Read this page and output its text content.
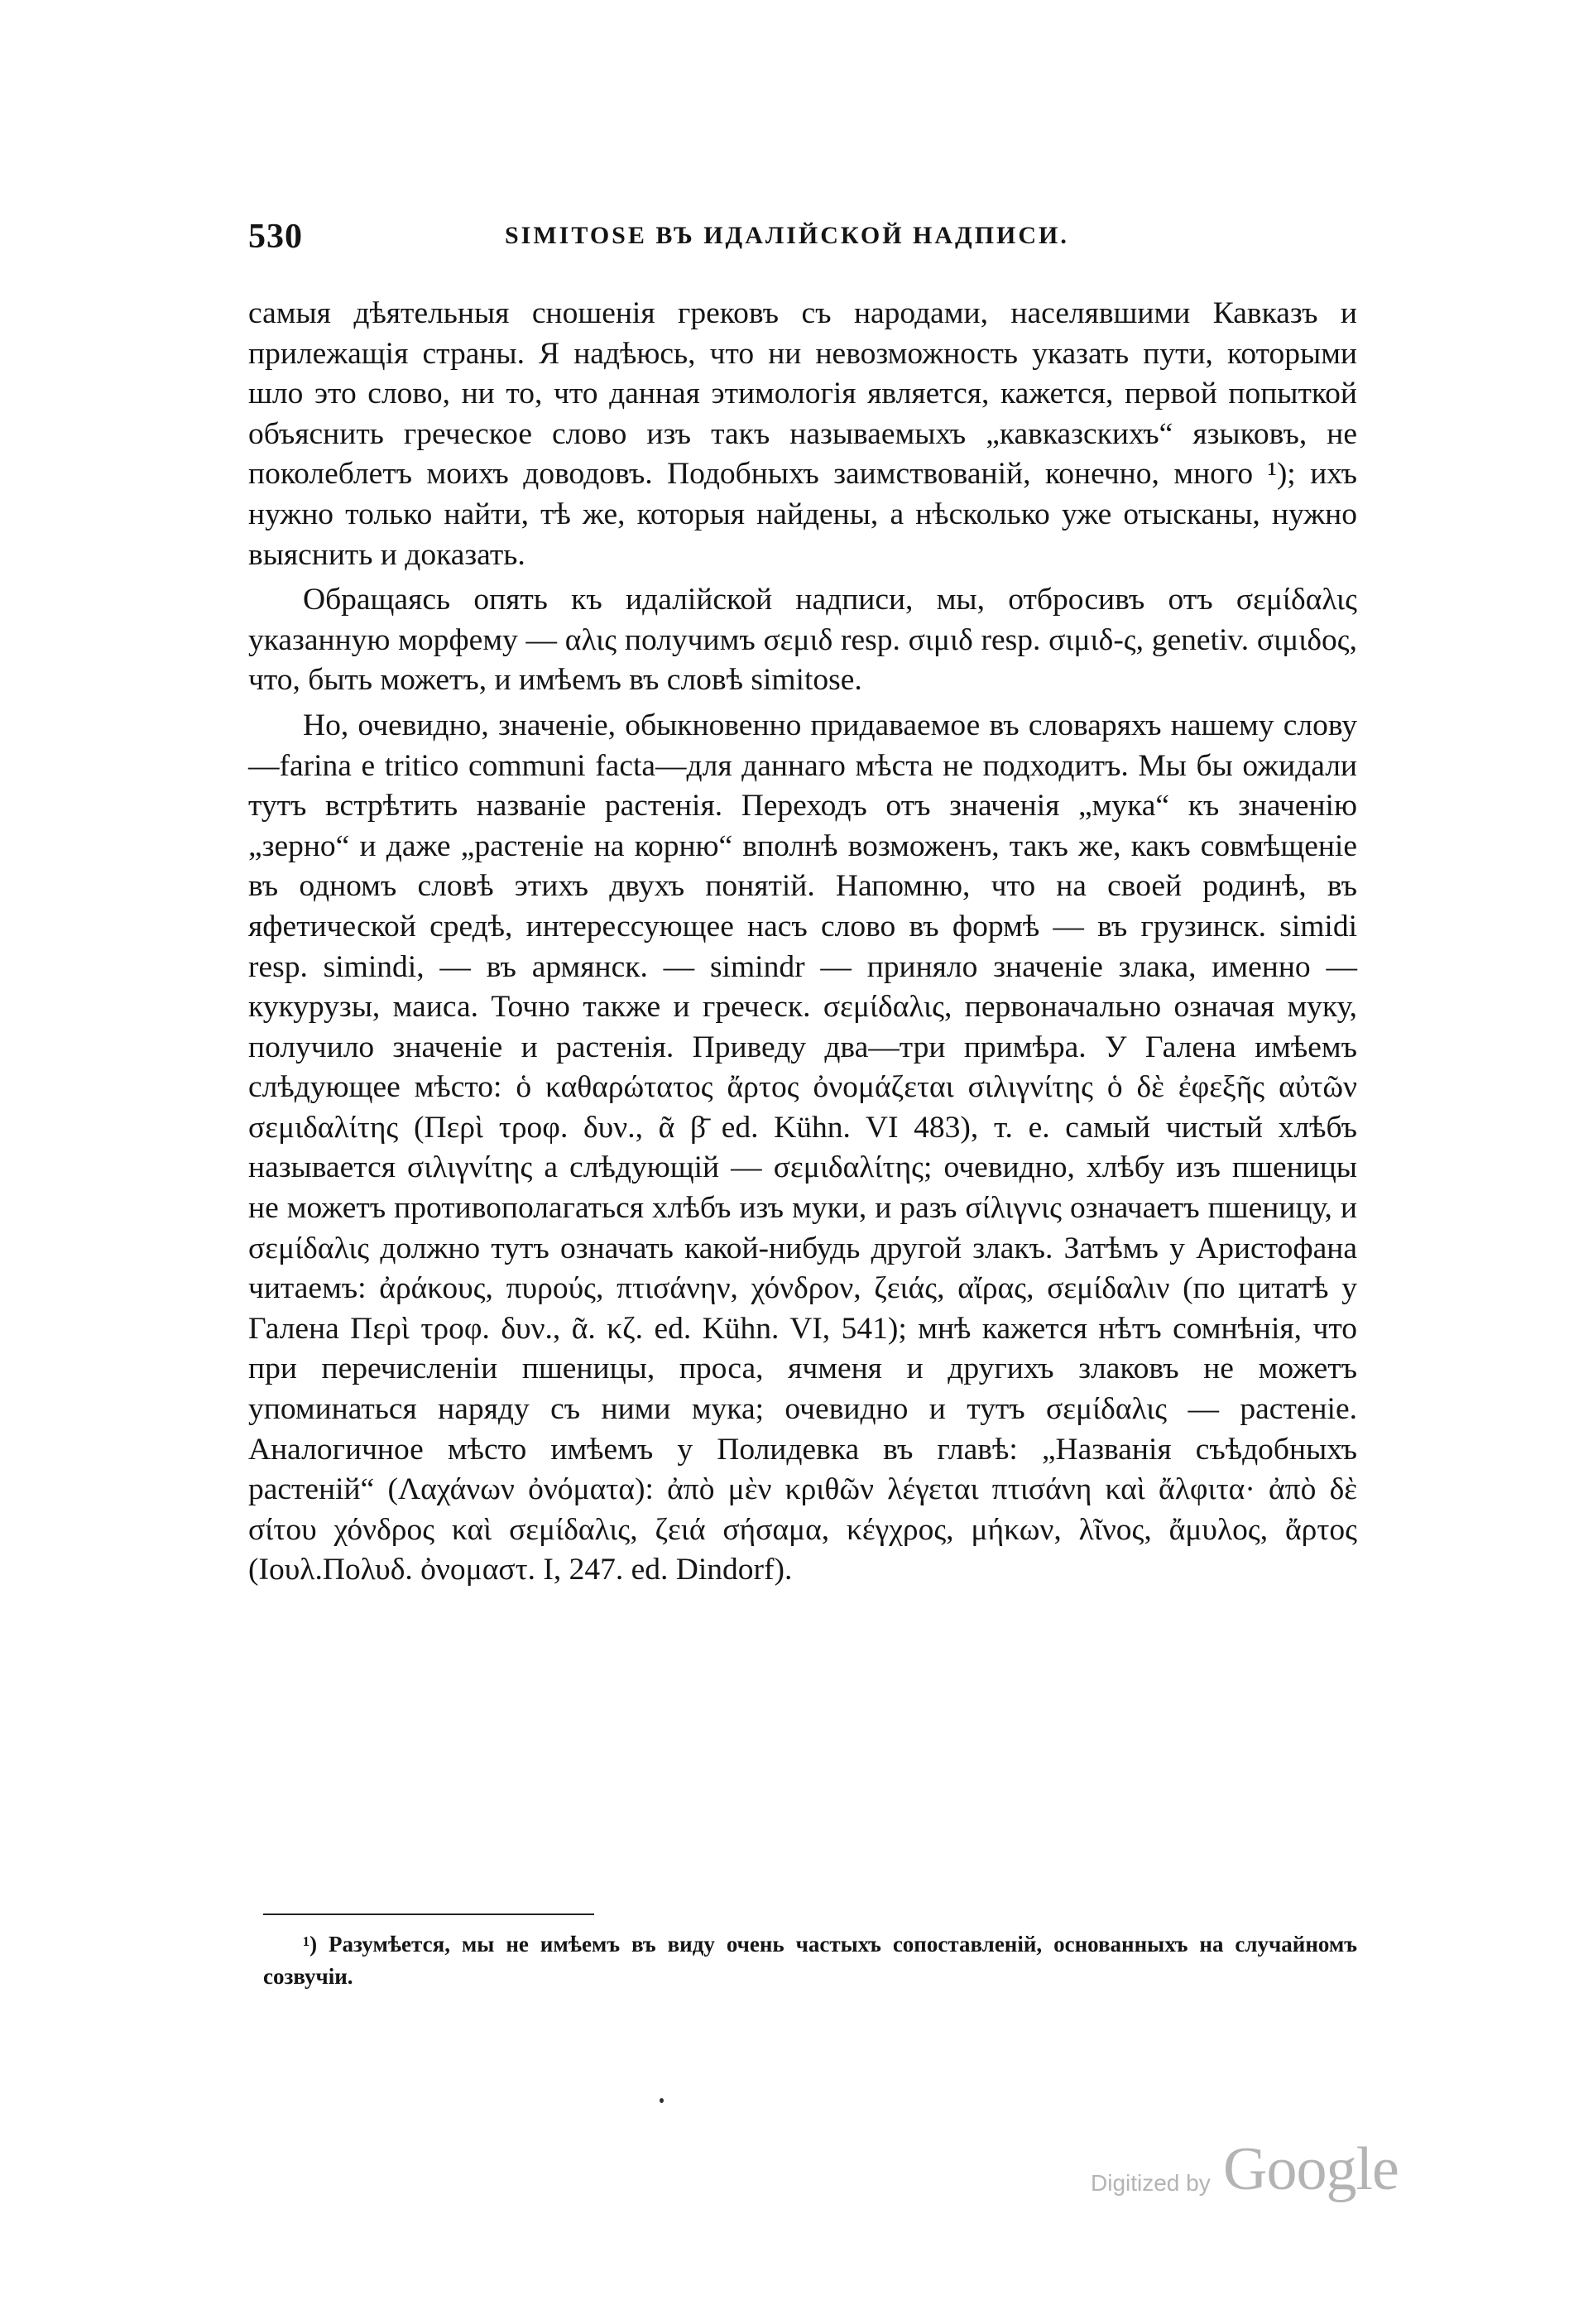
530	SIMITOSE ВЪ ИДАЛІЙСКОЙ НАДПИСИ.

самыя дѣятельныя сношенія грековъ съ народами, населявшими Кавказъ и прилежащія страны. Я надѣюсь, что ни невозможность указать пути, которыми шло это слово, ни то, что данная этимологія является, кажется, первой попыткой объяснить греческое слово изъ такъ называемыхъ „кавказскихъ“ языковъ, не поколеблетъ моихъ доводовъ. Подобныхъ заимствованій, конечно, много ¹); ихъ нужно только найти, тѣ же, которыя найдены, а нѣсколько уже отысканы, нужно выяснить и доказать.

Обращаясь опять къ идалійской надписи, мы, отбросивъ отъ σεμίδαλις указанную морфему — αλις получимъ σεμιδ resp. σιμιδ resp. σιμιδ-ς, genetiv. σιμιδος, что, быть можетъ, и имѣемъ въ словѣ simitose.

Но, очевидно, значеніе, обыкновенно придаваемое въ словаряхъ нашему слову—farina e tritico communi facta—для даннаго мѣста не подходитъ. Мы бы ожидали тутъ встрѣтить названіе растенія. Переходъ отъ значенія „мука“ къ значенію „зерно“ и даже „растеніе на корню“ вполнѣ возможенъ, такъ же, какъ совмѣщеніе въ одномъ словѣ этихъ двухъ понятій. Напомню, что на своей родинѣ, въ яфетической средѣ, интерессующее насъ слово въ формѣ — въ грузинск. simidi resp. simindi, — въ армянск. — simindr — приняло значеніе злака, именно — кукурузы, маиса. Точно также и греческ. σεμίδαλις, первоначально означая муку, получило значеніе и растенія. Приведу два—три примѣра. У Галена имѣемъ слѣдующее мѣсто: ὁ καθαρώτατος ἄρτος ὀνομάζεται σιλιγνίτης ὁ δὲ ἐφεξῆς αὐτῶν σεμιδαλίτης (Περὶ τροφ. δυν., ᾶ β̄ ed. Kühn. VI 483), т. е. самый чистый хлѣбъ называется σιλιγνίτης а слѣдующій — σεμιδαλίτης; очевидно, хлѣбу изъ пшеницы не можетъ противополагаться хлѣбъ изъ муки, и разъ σίλιγνις означаетъ пшеницу, и σεμίδαλις должно тутъ означать какой-нибудь другой злакъ. Затѣмъ у Аристофана читаемъ: ἀράκους, πυρούς, πτισάνην, χόνδρον, ζειάς, αἴρας, σεμίδαλιν (по цитатѣ у Галена Περὶ τροφ. δυν., ᾶ. κζ. ed. Kühn. VI, 541); мнѣ кажется нѣтъ сомнѣнія, что при перечисленіи пшеницы, проса, ячменя и другихъ злаковъ не можетъ упоминаться наряду съ ними мука; очевидно и тутъ σεμίδαλις — растеніе. Аналогичное мѣсто имѣемъ у Полидевка въ главѣ: „Названія съѣдобныхъ растеній“ (Λαχάνων ὀνόματα): ἀπὸ μὲν κριθῶν λέγεται πτισάνη καὶ ἄλφιτα· ἀπὸ δὲ σίτου χόνδρος καὶ σεμίδαλις, ζειά σήσαμα, κέγχρος, μήκων, λῖνος, ἄμυλος, ἄρτος (Ιουλ.Πολυδ. ὀνομαστ. I, 247. ed. Dindorf).

¹) Разумѣется, мы не имѣемъ въ виду очень частыхъ сопоставленій, основанныхъ на случайномъ созвучіи.

Digitized by Google
